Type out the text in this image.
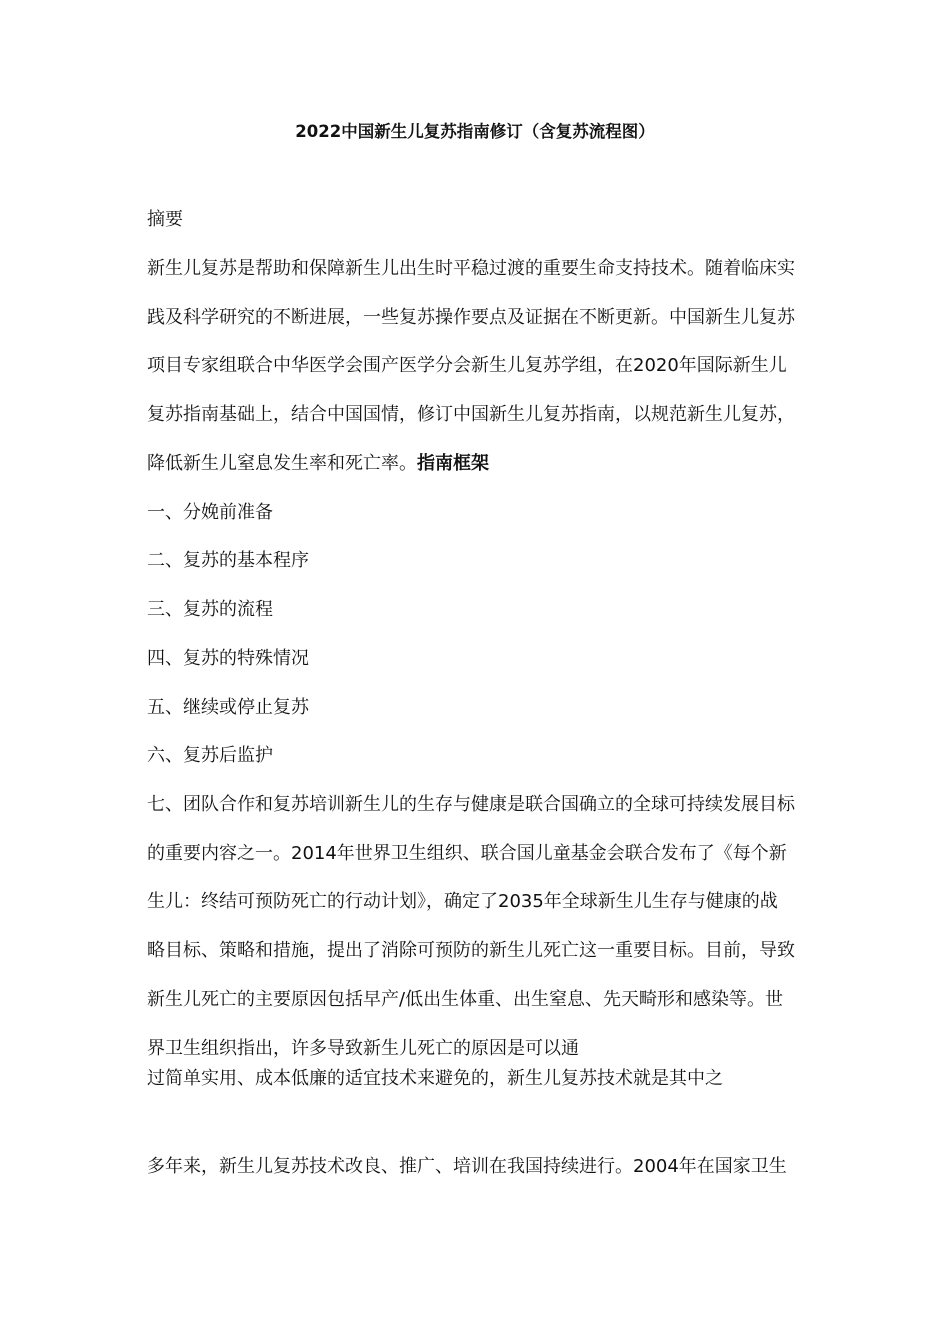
2022中国新生儿复苏指南修订（含复苏流程图）
摘要
新生儿复苏是帮助和保障新生儿出生时平稳过渡的重要生命支持技术。随着临床实
践及科学研究的不断进展，一些复苏操作要点及证据在不断更新。中国新生儿复苏
项目专家组联合中华医学会围产医学分会新生儿复苏学组，在2020年国际新生儿
复苏指南基础上，结合中国国情，修订中国新生儿复苏指南，以规范新生儿复苏，
降低新生儿窒息发生率和死亡率。指南框架
一、分娩前准备
二、复苏的基本程序
三、复苏的流程
四、复苏的特殊情况
五、继续或停止复苏
六、复苏后监护
七、团队合作和复苏培训新生儿的生存与健康是联合国确立的全球可持续发展目标
的重要内容之一。2014年世界卫生组织、联合国儿童基金会联合发布了《每个新
生儿：终结可预防死亡的行动计划》，确定了2035年全球新生儿生存与健康的战
略目标、策略和措施，提出了消除可预防的新生儿死亡这一重要目标。目前，导致
新生儿死亡的主要原因包括早产/低出生体重、出生窒息、先天畸形和感染等。世
界卫生组织指出，许多导致新生儿死亡的原因是可以通
过简单实用、成本低廉的适宜技术来避免的，新生儿复苏技术就是其中之
多年来，新生儿复苏技术改良、推广、培训在我国持续进行。2004年在国家卫生
